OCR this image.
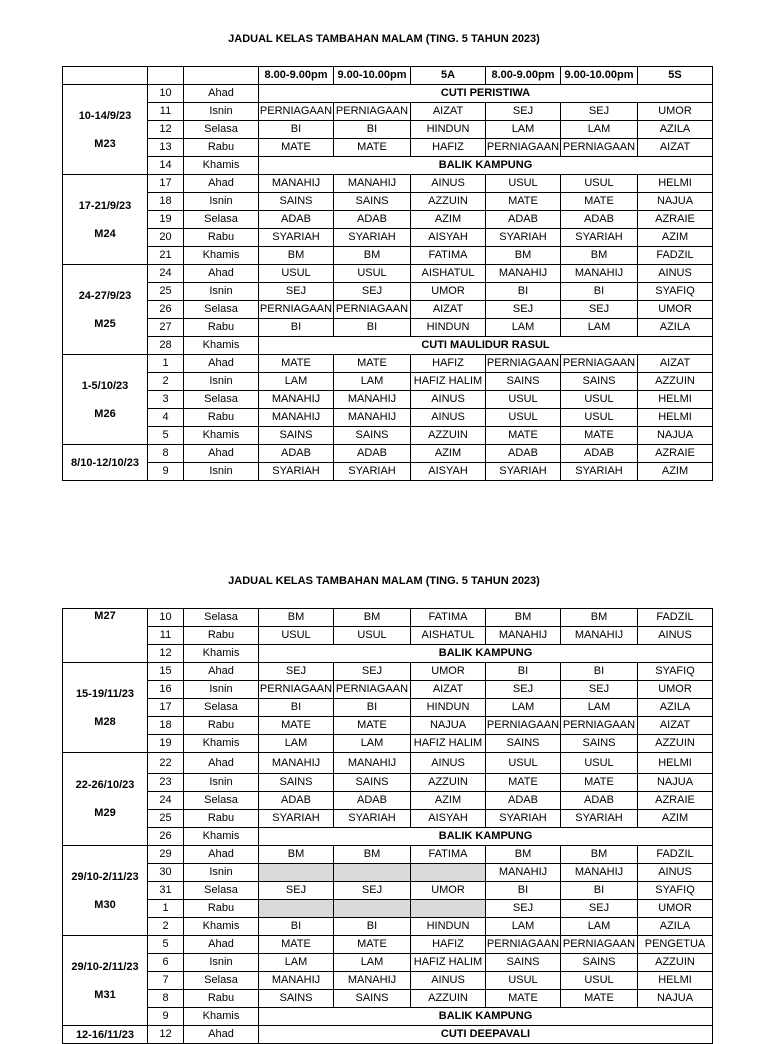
JADUAL KELAS TAMBAHAN MALAM (TING. 5 TAHUN 2023)
			8.00-9.00pm	9.00-10.00pm	5A	8.00-9.00pm	9.00-10.00pm	5S

10-14/9/23
M23	10	Ahad	CUTI PERISTIWA					
	11	Isnin	PERNIAGAAN	PERNIAGAAN	AIZAT	SEJ	SEJ	UMOR
	12	Selasa	BI	BI	HINDUN	LAM	LAM	AZILA
	13	Rabu	MATE	MATE	HAFIZ	PERNIAGAAN	PERNIAGAAN	AIZAT
	14	Khamis	BALIK KAMPUNG					

17-21/9/23
M24	17	Ahad	MANAHIJ	MANAHIJ	AINUS	USUL	USUL	HELMI
	18	Isnin	SAINS	SAINS	AZZUIN	MATE	MATE	NAJUA
	19	Selasa	ADAB	ADAB	AZIM	ADAB	ADAB	AZRAIE
	20	Rabu	SYARIAH	SYARIAH	AISYAH	SYARIAH	SYARIAH	AZIM
	21	Khamis	BM	BM	FATIMA	BM	BM	FADZIL

24-27/9/23
M25	24	Ahad	USUL	USUL	AISHATUL	MANAHIJ	MANAHIJ	AINUS
	25	Isnin	SEJ	SEJ	UMOR	BI	BI	SYAFIQ
	26	Selasa	PERNIAGAAN	PERNIAGAAN	AIZAT	SEJ	SEJ	UMOR
	27	Rabu	BI	BI	HINDUN	LAM	LAM	AZILA
	28	Khamis	CUTI MAULIDUR RASUL					

1-5/10/23
M26	1	Ahad	MATE	MATE	HAFIZ	PERNIAGAAN	PERNIAGAAN	AIZAT
	2	Isnin	LAM	LAM	HAFIZ HALIM	SAINS	SAINS	AZZUIN
	3	Selasa	MANAHIJ	MANAHIJ	AINUS	USUL	USUL	HELMI
	4	Rabu	MANAHIJ	MANAHIJ	AINUS	USUL	USUL	HELMI
	5	Khamis	SAINS	SAINS	AZZUIN	MATE	MATE	NAJUA
8/10-12/10/23	8	Ahad	ADAB	ADAB	AZIM	ADAB	ADAB	AZRAIE
	9	Isnin	SYARIAH	SYARIAH	AISYAH	SYARIAH	SYARIAH	AZIM
JADUAL KELAS TAMBAHAN MALAM (TING. 5 TAHUN 2023)
M27	10	Selasa	BM	BM	FATIMA	BM	BM	FADZIL
	11	Rabu	USUL	USUL	AISHATUL	MANAHIJ	MANAHIJ	AINUS
	12	Khamis	BALIK KAMPUNG					

15-19/11/23
M28	15	Ahad	SEJ	SEJ	UMOR	BI	BI	SYAFIQ
	16	Isnin	PERNIAGAAN	PERNIAGAAN	AIZAT	SEJ	SEJ	UMOR
	17	Selasa	BI	BI	HINDUN	LAM	LAM	AZILA
	18	Rabu	MATE	MATE	NAJUA	PERNIAGAAN	PERNIAGAAN	AIZAT
	19	Khamis	LAM	LAM	HAFIZ HALIM	SAINS	SAINS	AZZUIN

22-26/10/23
M29	22	Ahad	MANAHIJ	MANAHIJ	AINUS	USUL	USUL	HELMI
	23	Isnin	SAINS	SAINS	AZZUIN	MATE	MATE	NAJUA
	24	Selasa	ADAB	ADAB	AZIM	ADAB	ADAB	AZRAIE
	25	Rabu	SYARIAH	SYARIAH	AISYAH	SYARIAH	SYARIAH	AZIM
	26	Khamis	BALIK KAMPUNG					

29/10-2/11/23
M30	29	Ahad	BM	BM	FATIMA	BM	BM	FADZIL
	30	Isnin				MANAHIJ	MANAHIJ	AINUS
	31	Selasa	SEJ	SEJ	UMOR	BI	BI	SYAFIQ
	1	Rabu				SEJ	SEJ	UMOR
	2	Khamis	BI	BI	HINDUN	LAM	LAM	AZILA

29/10-2/11/23
M31	5	Ahad	MATE	MATE	HAFIZ	PERNIAGAAN	PERNIAGAAN	PENGETUA
	6	Isnin	LAM	LAM	HAFIZ HALIM	SAINS	SAINS	AZZUIN
	7	Selasa	MANAHIJ	MANAHIJ	AINUS	USUL	USUL	HELMI
	8	Rabu	SAINS	SAINS	AZZUIN	MATE	MATE	NAJUA
	9	Khamis	BALIK KAMPUNG					
12-16/11/23	12	Ahad	CUTI DEEPAVALI					
